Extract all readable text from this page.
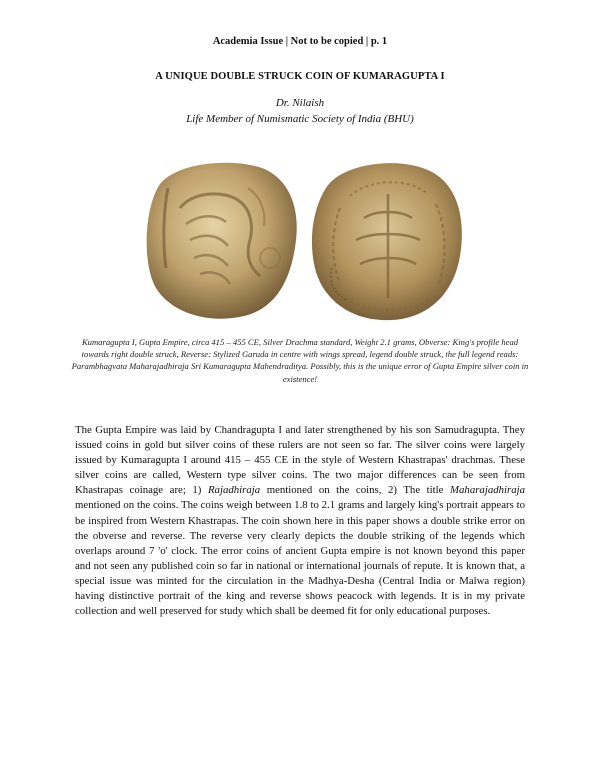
Academia Issue | Not to be copied | p. 1
A UNIQUE DOUBLE STRUCK COIN OF KUMARAGUPTA I
Dr. Nilaish
Life Member of Numismatic Society of India (BHU)
Kumaragupta I, Gupta Empire, circa 415 – 455 CE, Silver Drachma standard, Weight 2.1 grams, Obverse: King's profile head towards right double struck, Reverse: Stylized Garuda in centre with wings spread, legend double struck, the full legend reads: Parambhagvata Maharajadhiraja Sri Kumaragupta Mahendraditya. Possibly, this is the unique error of Gupta Empire silver coin in existence!
The Gupta Empire was laid by Chandragupta I and later strengthened by his son Samudragupta. They issued coins in gold but silver coins of these rulers are not seen so far. The silver coins were largely issued by Kumaragupta I around 415 – 455 CE in the style of Western Khastrapas' drachmas. These silver coins are called, Western type silver coins. The two major differences can be seen from Khastrapas coinage are; 1) Rajadhiraja mentioned on the coins, 2) The title Maharajadhiraja mentioned on the coins. The coins weigh between 1.8 to 2.1 grams and largely king's portrait appears to be inspired from Western Khastrapas. The coin shown here in this paper shows a double strike error on the obverse and reverse. The reverse very clearly depicts the double striking of the legends which overlaps around 7 'o' clock. The error coins of ancient Gupta empire is not known beyond this paper and not seen any published coin so far in national or international journals of repute. It is known that, a special issue was minted for the circulation in the Madhya-Desha (Central India or Malwa region) having distinctive portrait of the king and reverse shows peacock with legends. It is in my private collection and well preserved for study which shall be deemed fit for only educational purposes.
